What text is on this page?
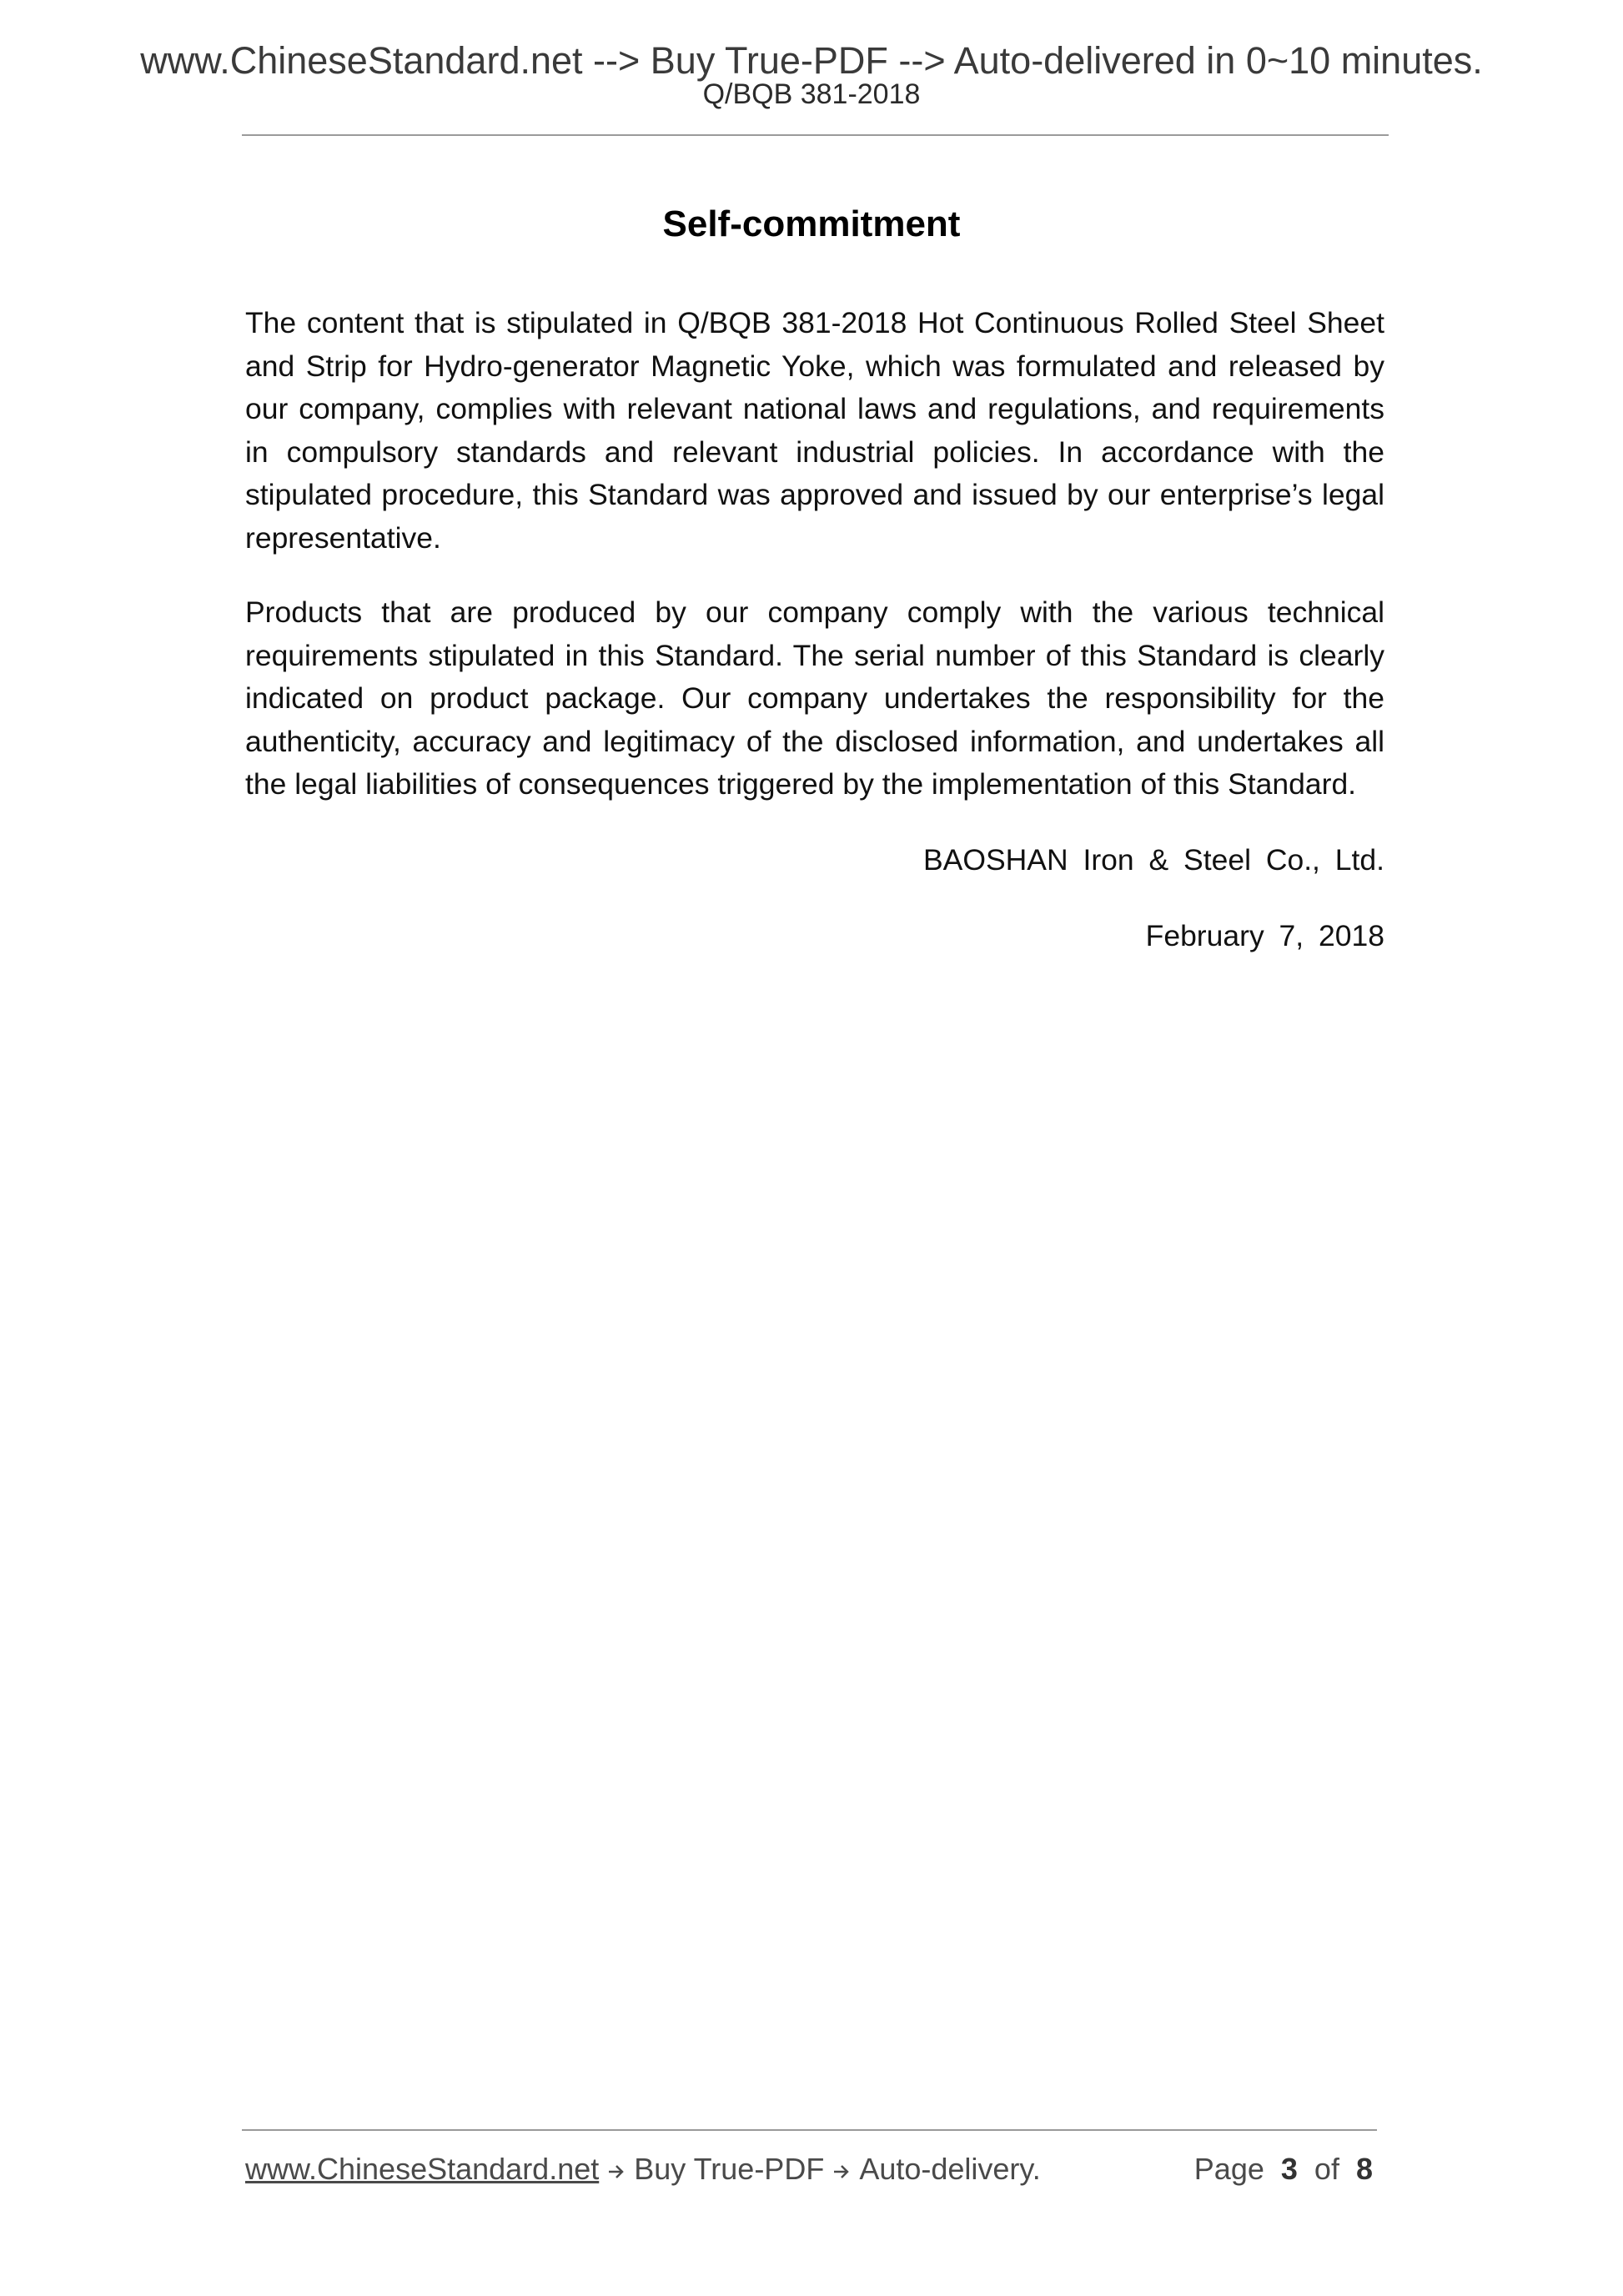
www.ChineseStandard.net --> Buy True-PDF --> Auto-delivered in 0~10 minutes.
Q/BQB 381-2018
Self-commitment

The content that is stipulated in Q/BQB 381-2018 Hot Continuous Rolled Steel Sheet and Strip for Hydro-generator Magnetic Yoke, which was formulated and released by our company, complies with relevant national laws and regulations, and requirements in compulsory standards and relevant industrial policies. In accordance with the stipulated procedure, this Standard was approved and issued by our enterprise’s legal representative.

Products that are produced by our company comply with the various technical requirements stipulated in this Standard. The serial number of this Standard is clearly indicated on product package. Our company undertakes the responsibility for the authenticity, accuracy and legitimacy of the disclosed information, and undertakes all the legal liabilities of consequences triggered by the implementation of this Standard.

BAOSHAN Iron & Steel Co., Ltd.
February 7, 2018
www.ChineseStandard.net Buy True-PDF Auto-delivery.	Page 3 of 8
